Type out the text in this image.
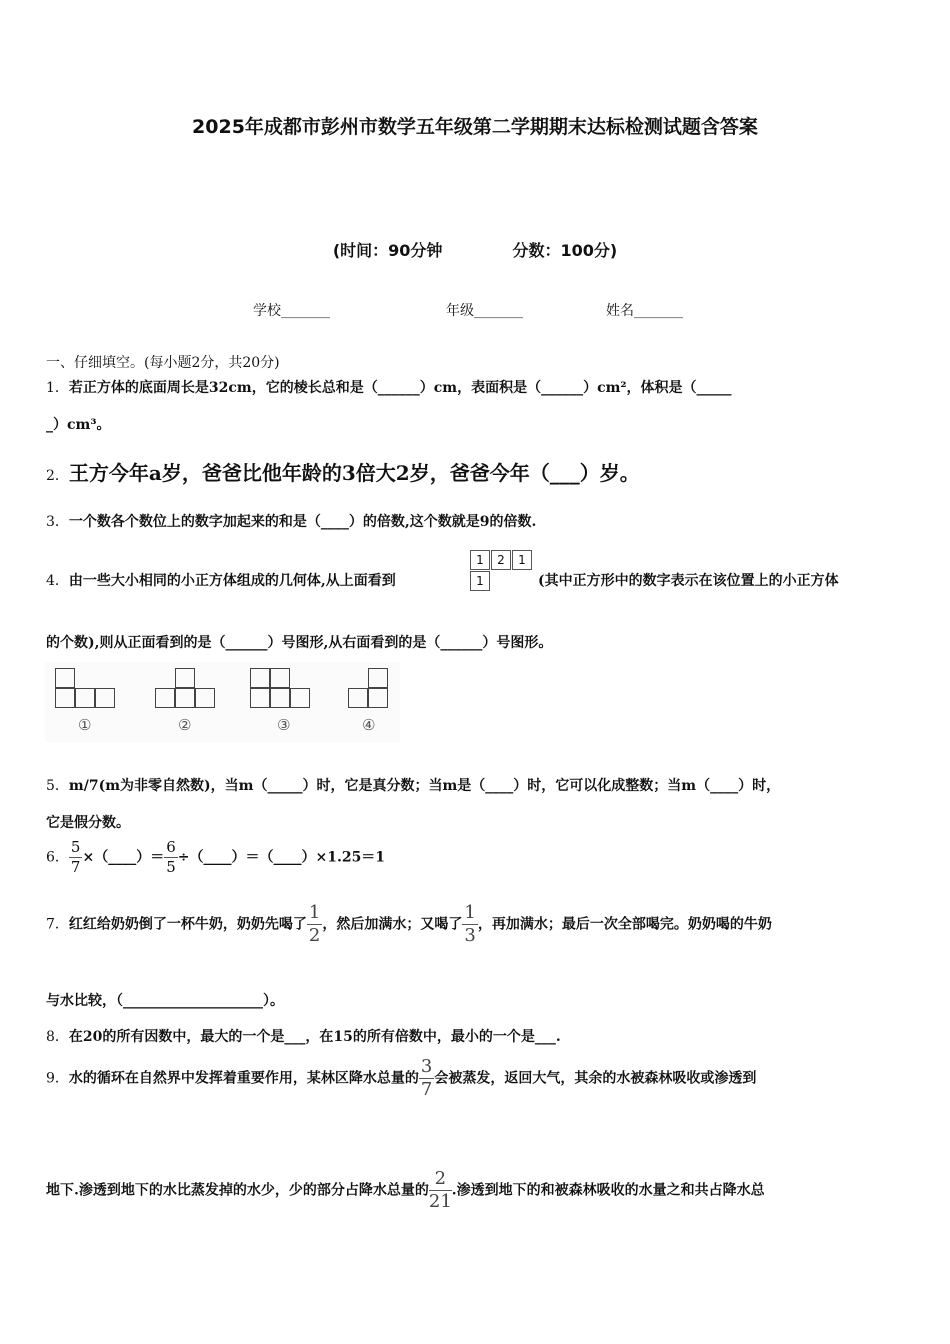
2025年成都市彭州市数学五年级第二学期期末达标检测试题含答案
(时间：90分钟	分数：100分)
学校_______	年级_______	姓名_______
一、仔细填空。(每小题2分，共20分)
1．若正方体的底面周长是32cm，它的棱长总和是（______）cm，表面积是（______）cm²，体积是（_____
_）cm³。
2．王方今年a岁，爸爸比他年龄的3倍大2岁，爸爸今年（___）岁。
3．一个数各个数位上的数字加起来的和是（____）的倍数,这个数就是9的倍数.
4．由一些大小相同的小正方体组成的几何体,从上面看到
1	2	1
1	(其中正方形中的数字表示在该位置上的小正方体
的个数),则从正面看到的是（______）号图形,从右面看到的是（______）号图形。
①	②	③	④
5．m/7(m为非零自然数)，当m（_____）时，它是真分数；当m是（____）时，它可以化成整数；当m（____）时，
它是假分数。
6． $\frac{5}{7}$ ×（____）＝ $\frac{6}{5}$ ÷（____）＝（____）×1.25＝1
7．红红给奶奶倒了一杯牛奶，奶奶先喝了 $\frac{1}{2}$ ，然后加满水；又喝了 $\frac{1}{3}$ ，再加满水；最后一次全部喝完。奶奶喝的牛奶
与水比较，（____________________）。
8．在20的所有因数中，最大的一个是___，在15的所有倍数中，最小的一个是___.
9．水的循环在自然界中发挥着重要作用，某林区降水总量的 $\frac{3}{7}$ 会被蒸发，返回大气，其余的水被森林吸收或渗透到
地下.渗透到地下的水比蒸发掉的水少，少的部分占降水总量的 $\frac{2}{21}$ .渗透到地下的和被森林吸收的水量之和共占降水总
